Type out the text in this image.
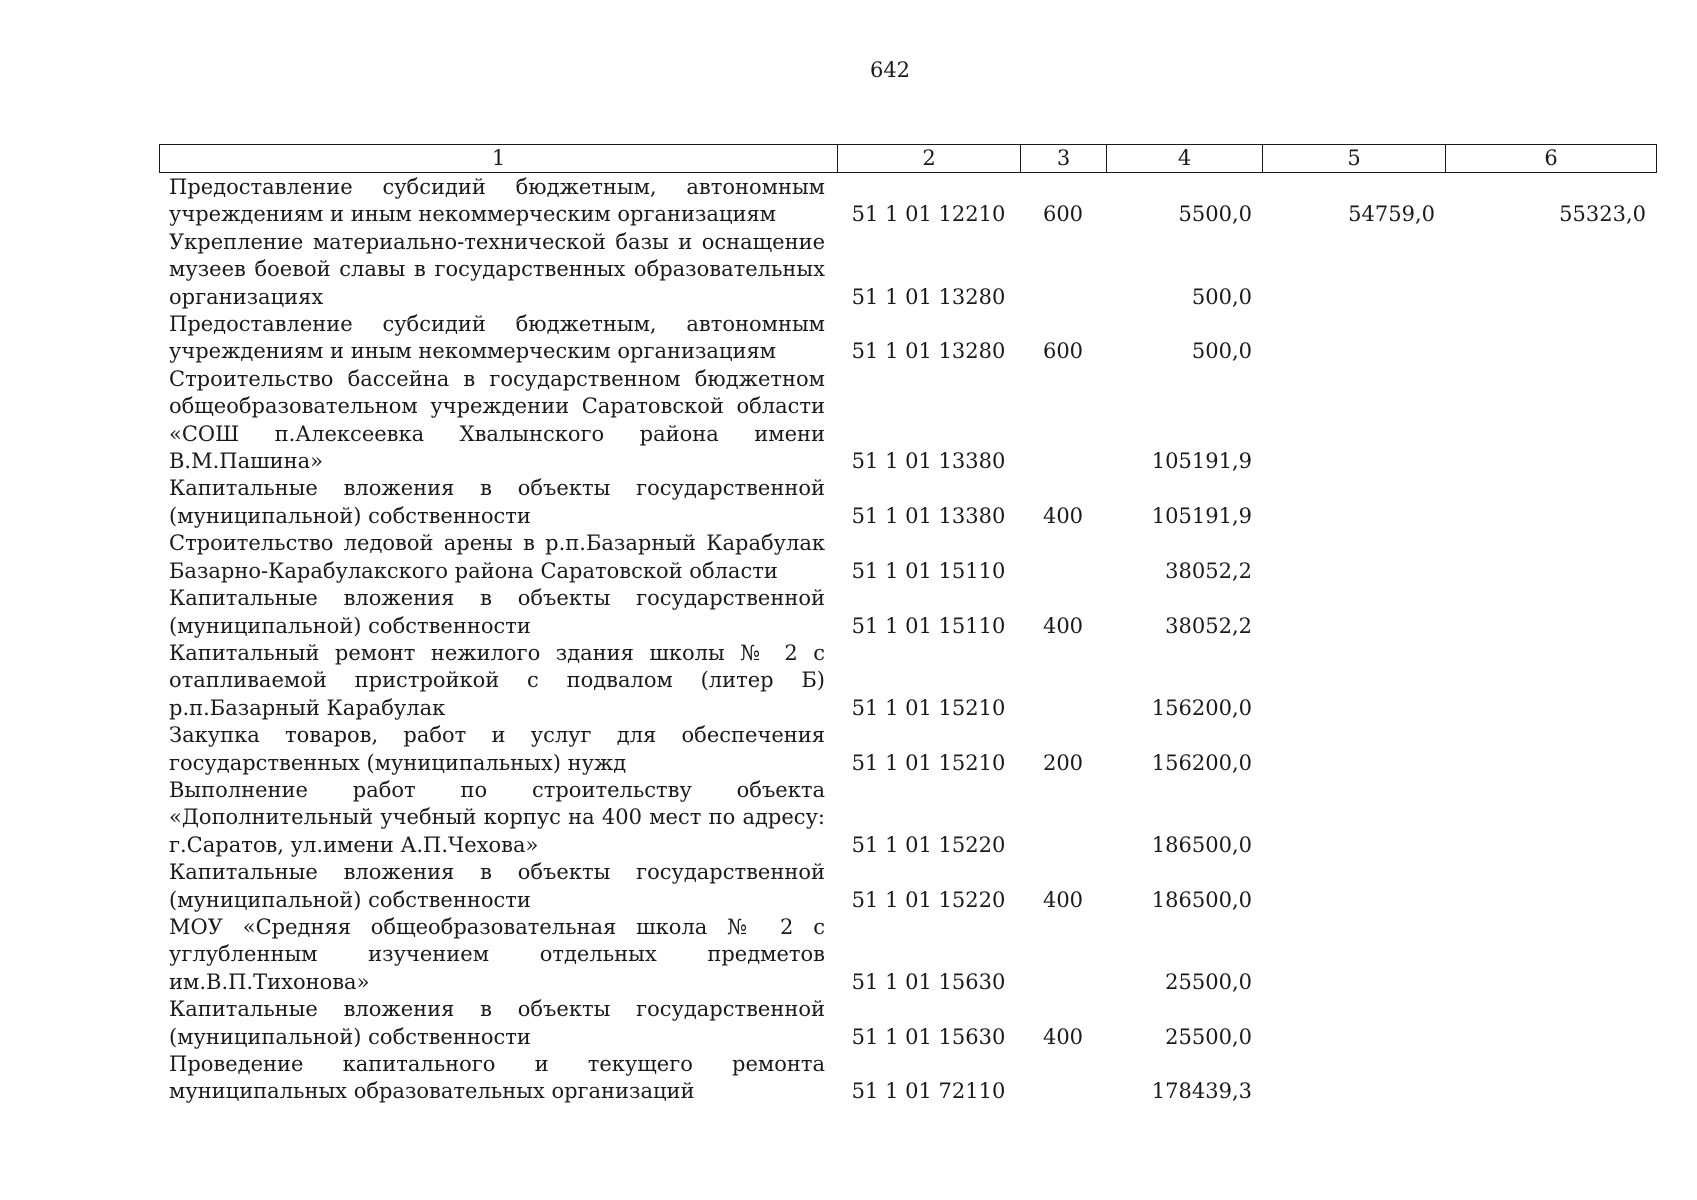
642
1	2	3	4	5	6
Предоставление субсидий бюджетным, автономным учреждениям и иным некоммерческим организациям	51 1 01 12210	600	5500,0	54759,0	55323,0
Укрепление материально-технической базы и оснащение музеев боевой славы в государственных образовательных организациях	51 1 01 13280		500,0		
Предоставление субсидий бюджетным, автономным учреждениям и иным некоммерческим организациям	51 1 01 13280	600	500,0		
Строительство бассейна в государственном бюджетном общеобразовательном учреждении Саратовской области «СОШ п.Алексеевка Хвалынского района имени В.М.Пашина»	51 1 01 13380		105191,9		
Капитальные вложения в объекты государственной (муниципальной) собственности	51 1 01 13380	400	105191,9		
Строительство ледовой арены в р.п.Базарный Карабулак Базарно-Карабулакского района Саратовской области	51 1 01 15110		38052,2		
Капитальные вложения в объекты государственной (муниципальной) собственности	51 1 01 15110	400	38052,2		
Капитальный ремонт нежилого здания школы № 2 с отапливаемой пристройкой с подвалом (литер Б) р.п.Базарный Карабулак	51 1 01 15210		156200,0		
Закупка товаров, работ и услуг для обеспечения государственных (муниципальных) нужд	51 1 01 15210	200	156200,0		
Выполнение работ по строительству объекта «Дополнительный учебный корпус на 400 мест по адресу: г.Саратов, ул.имени А.П.Чехова»	51 1 01 15220		186500,0		
Капитальные вложения в объекты государственной (муниципальной) собственности	51 1 01 15220	400	186500,0		
МОУ «Средняя общеобразовательная школа № 2 с углубленным изучением отдельных предметов им.В.П.Тихонова»	51 1 01 15630		25500,0		
Капитальные вложения в объекты государственной (муниципальной) собственности	51 1 01 15630	400	25500,0		
Проведение капитального и текущего ремонта муниципальных образовательных организаций	51 1 01 72110		178439,3		
